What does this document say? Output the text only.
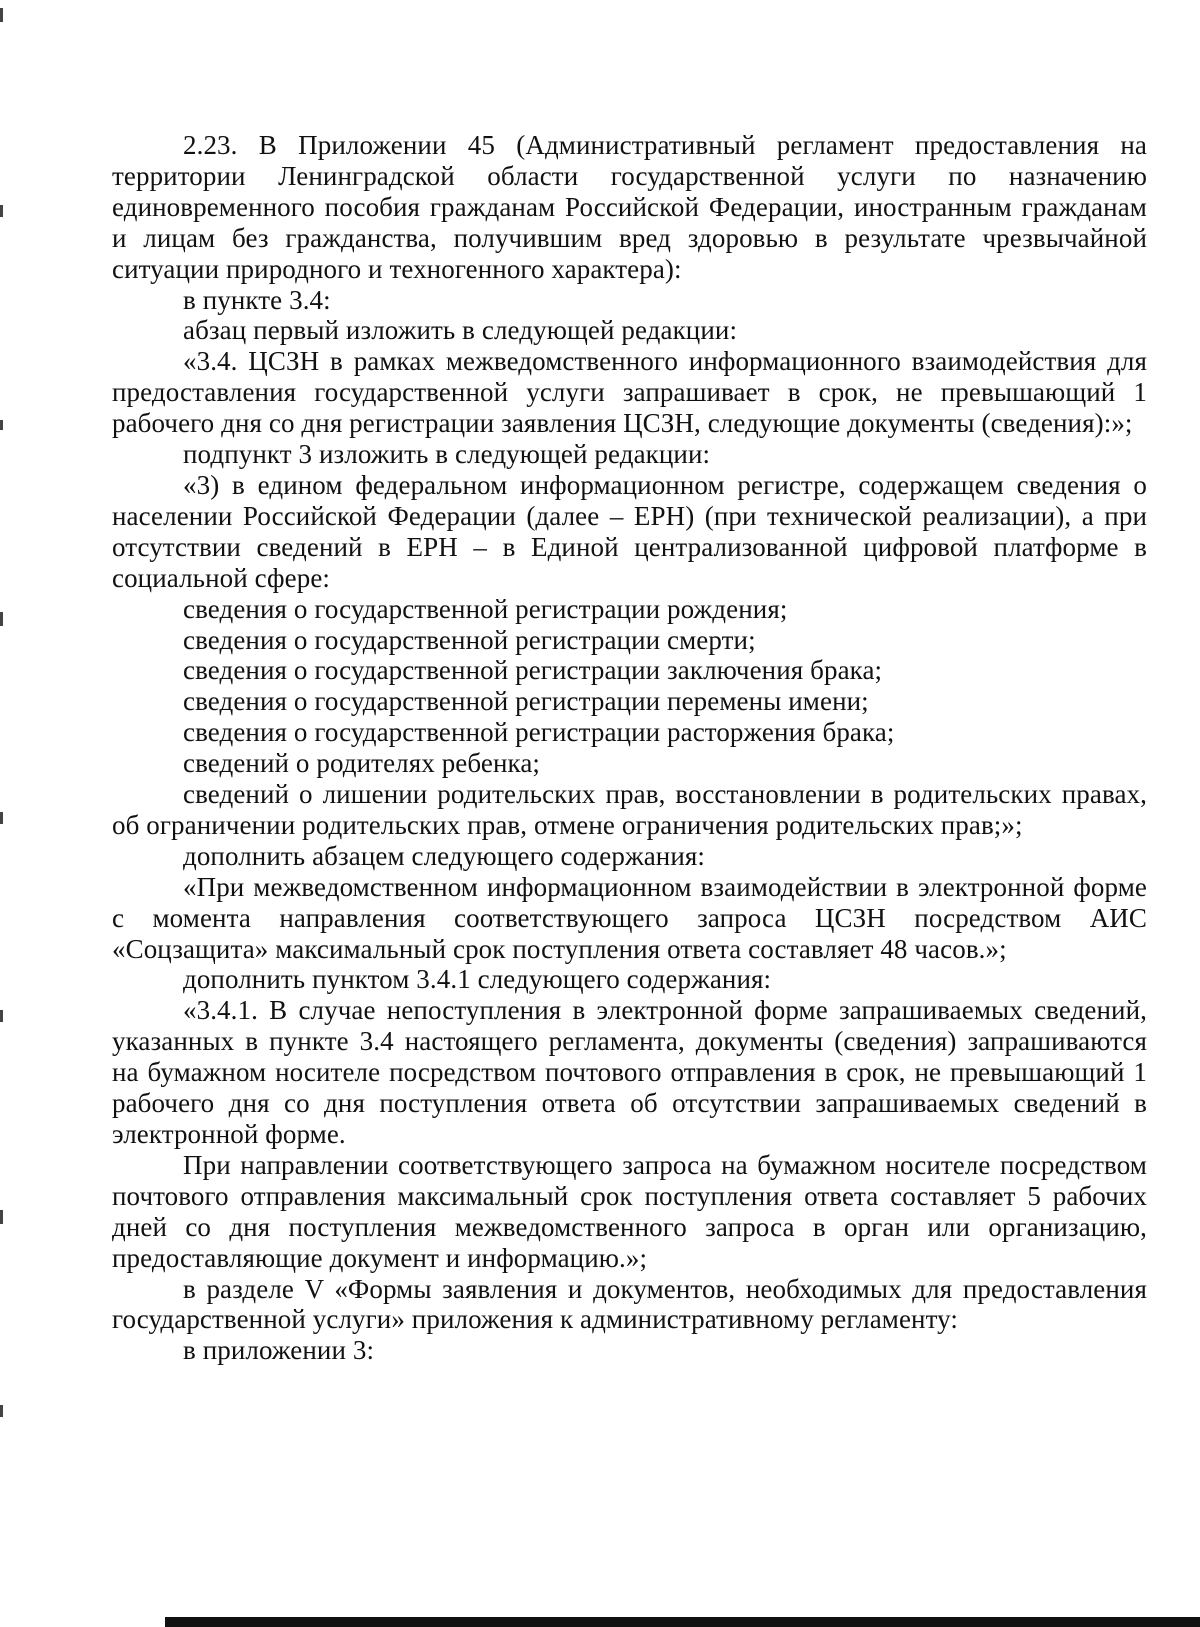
2.23. В Приложении 45 (Административный регламент предоставления на территории Ленинградской области государственной услуги по назначению единовременного пособия гражданам Российской Федерации, иностранным гражданам и лицам без гражданства, получившим вред здоровью в результате чрезвычайной ситуации природного и техногенного характера):

в пункте 3.4:

абзац первый изложить в следующей редакции:

«3.4. ЦСЗН в рамках межведомственного информационного взаимодействия для предоставления государственной услуги запрашивает в срок, не превышающий 1 рабочего дня со дня регистрации заявления ЦСЗН, следующие документы (сведения):»;

подпункт 3 изложить в следующей редакции:

«3) в едином федеральном информационном регистре, содержащем сведения о населении Российской Федерации (далее – ЕРН) (при технической реализации), а при отсутствии сведений в ЕРН – в Единой централизованной цифровой платформе в социальной сфере:

сведения о государственной регистрации рождения;

сведения о государственной регистрации смерти;

сведения о государственной регистрации заключения брака;

сведения о государственной регистрации перемены имени;

сведения о государственной регистрации расторжения брака;

сведений о родителях ребенка;

сведений о лишении родительских прав, восстановлении в родительских правах, об ограничении родительских прав, отмене ограничения родительских прав;»;

дополнить абзацем следующего содержания:

«При межведомственном информационном взаимодействии в электронной форме с момента направления соответствующего запроса ЦСЗН посредством АИС «Соцзащита» максимальный срок поступления ответа составляет 48 часов.»;

дополнить пунктом 3.4.1 следующего содержания:

«3.4.1. В случае непоступления в электронной форме запрашиваемых сведений, указанных в пункте 3.4 настоящего регламента, документы (сведения) запрашиваются на бумажном носителе посредством почтового отправления в срок, не превышающий 1 рабочего дня со дня поступления ответа об отсутствии запрашиваемых сведений в электронной форме.

При направлении соответствующего запроса на бумажном носителе посредством почтового отправления максимальный срок поступления ответа составляет 5 рабочих дней со дня поступления межведомственного запроса в орган или организацию, предоставляющие документ и информацию.»;

в разделе V «Формы заявления и документов, необходимых для предоставления государственной услуги» приложения к административному регламенту:

в приложении 3:
